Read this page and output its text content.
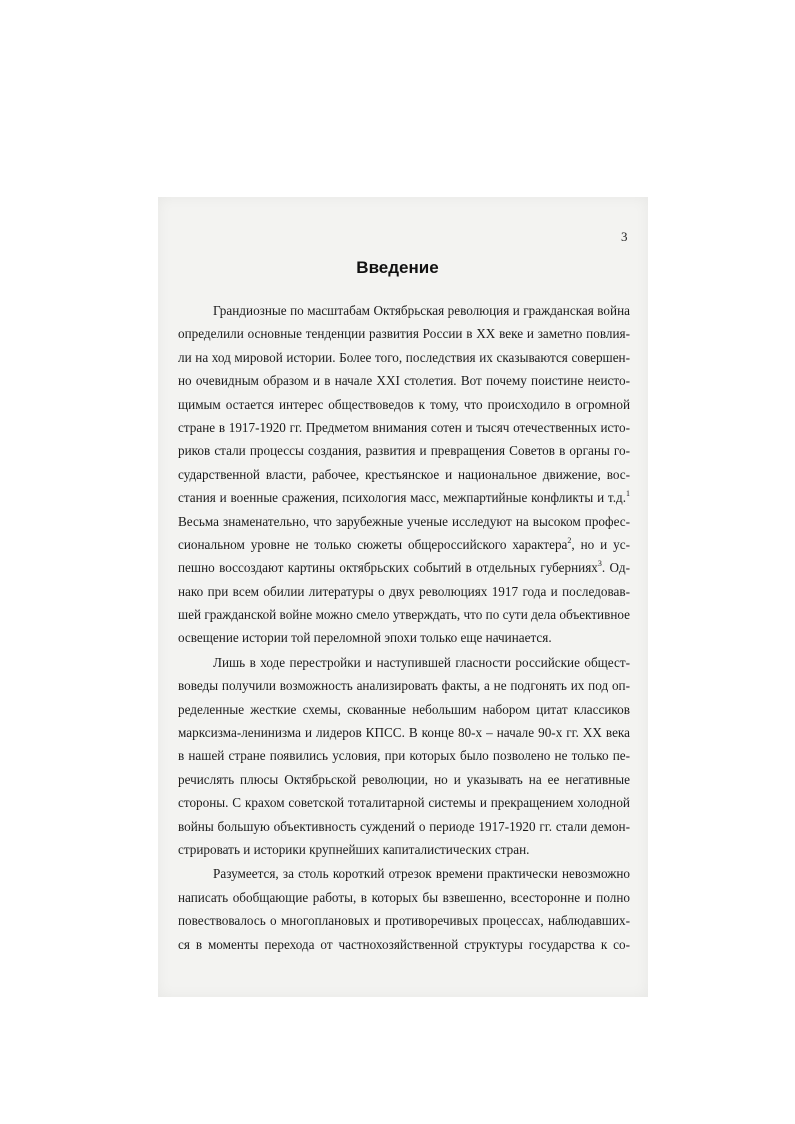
3
Введение
Грандиозные по масштабам Октябрьская революция и гражданская война
определили основные тенденции развития России в XX веке и заметно повлия-
ли на ход мировой истории. Более того, последствия их сказываются совершен-
но очевидным образом и в начале XXI столетия. Вот почему поистине неисто-
щимым остается интерес обществоведов к тому, что происходило в огромной
стране в 1917-1920 гг. Предметом внимания сотен и тысяч отечественных исто-
риков стали процессы создания, развития и превращения Советов в органы го-
сударственной власти, рабочее, крестьянское и национальное движение, вос-
стания и военные сражения, психология масс, межпартийные конфликты и т.д.$^1$
Весьма знаменательно, что зарубежные ученые исследуют на высоком профес-
сиональном уровне не только сюжеты общероссийского характера$^2$, но и ус-
пешно воссоздают картины октябрьских событий в отдельных губерниях$^3$. Од-
нако при всем обилии литературы о двух революциях 1917 года и последовав-
шей гражданской войне можно смело утверждать, что по сути дела объективное
освещение истории той переломной эпохи только еще начинается.
Лишь в ходе перестройки и наступившей гласности российские общест-
воведы получили возможность анализировать факты, а не подгонять их под оп-
ределенные жесткие схемы, скованные небольшим набором цитат классиков
марксизма-ленинизма и лидеров КПСС. В конце 80-х – начале 90-х гг. XX века
в нашей стране появились условия, при которых было позволено не только пе-
речислять плюсы Октябрьской революции, но и указывать на ее негативные
стороны. С крахом советской тоталитарной системы и прекращением холодной
войны большую объективность суждений о периоде 1917-1920 гг. стали демон-
стрировать и историки крупнейших капиталистических стран.
Разумеется, за столь короткий отрезок времени практически невозможно
написать обобщающие работы, в которых бы взвешенно, всесторонне и полно
повествовалось о многоплановых и противоречивых процессах, наблюдавших-
ся в моменты перехода от частнохозяйственной структуры государства к со-
